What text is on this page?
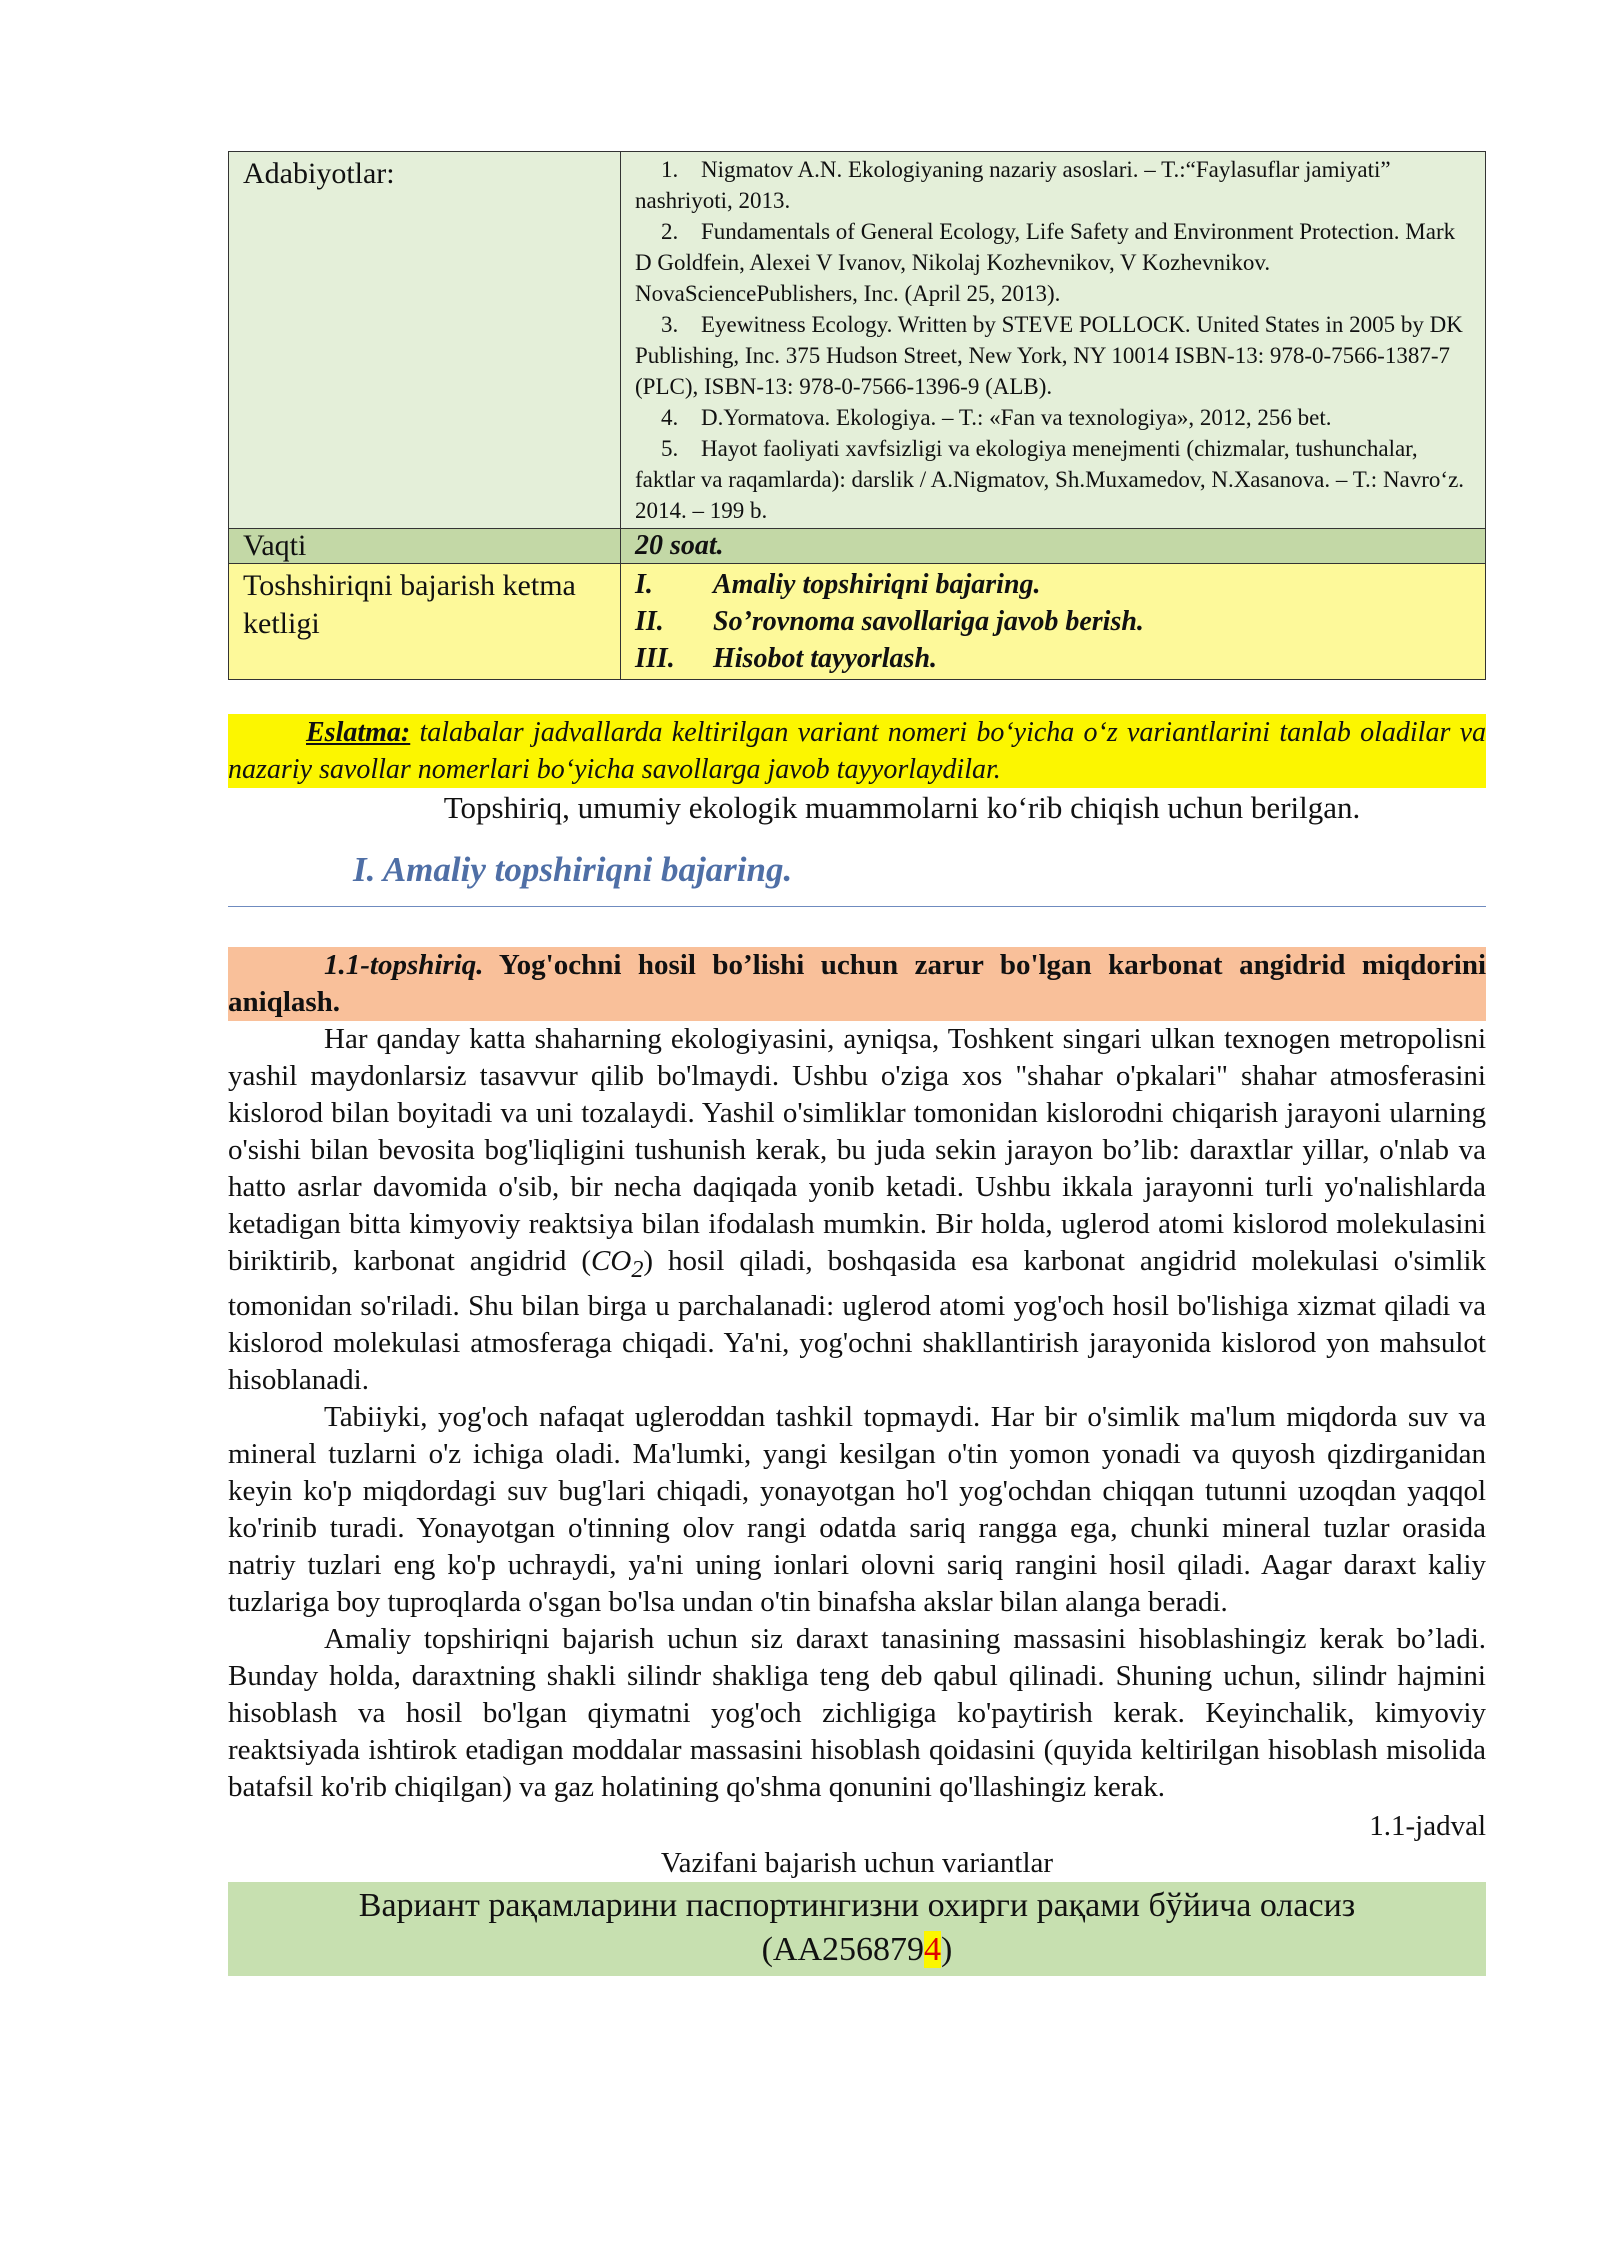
Adabiyotlar:	1. Nigmatov A.N. Ekologiyaning nazariy asoslari. – T.:“Faylasuflar jamiyati” nashriyoti, 2013.
2. Fundamentals of General Ecology, Life Safety and Environment Protection. Mark D Goldfein, Alexei V Ivanov, Nikolaj Kozhevnikov, V Kozhevnikov. NovaSciencePublishers, Inc. (April 25, 2013).
3. Eyewitness Ecology. Written by STEVE POLLOCK. United States in 2005 by DK Publishing, Inc. 375 Hudson Street, New York, NY 10014 ISBN-13: 978-0-7566-1387-7 (PLC), ISBN-13: 978-0-7566-1396-9 (ALB).
4. D.Yormatova. Ekologiya. – T.: «Fan va texnologiya», 2012, 256 bet.
5. Hayot faoliyati xavfsizligi va ekologiya menejmenti (chizmalar, tushunchalar, faktlar va raqamlarda): darslik / A.Nigmatov, Sh.Muxamedov, N.Xasanova. – T.: Navro‘z. 2014. – 199 b.

Vaqti	20 soat.
Toshshiriqni bajarish ketma ketligi	I. Amaliy topshiriqni bajaring.
II. So’rovnoma savollariga javob berish.
III. Hisobot tayyorlash.
Eslatma: talabalar jadvallarda keltirilgan variant nomeri bo‘yicha o‘z variantlarini tanlab oladilar va nazariy savollar nomerlari bo‘yicha savollarga javob tayyorlaydilar.
Topshiriq, umumiy ekologik muammolarni ko‘rib chiqish uchun berilgan.
I. Amaliy topshiriqni bajaring.
1.1-topshiriq. Yog'ochni hosil bo’lishi uchun zarur bo'lgan karbonat angidrid miqdorini aniqlash.
Har qanday katta shaharning ekologiyasini, ayniqsa, Toshkent singari ulkan texnogen metropolisni yashil maydonlarsiz tasavvur qilib bo'lmaydi. Ushbu o'ziga xos "shahar o'pkalari" shahar atmosferasini kislorod bilan boyitadi va uni tozalaydi. Yashil o'simliklar tomonidan kislorodni chiqarish jarayoni ularning o'sishi bilan bevosita bog'liqligini tushunish kerak, bu juda sekin jarayon bo’lib: daraxtlar yillar, o'nlab va hatto asrlar davomida o'sib, bir necha daqiqada yonib ketadi. Ushbu ikkala jarayonni turli yo'nalishlarda ketadigan bitta kimyoviy reaktsiya bilan ifodalash mumkin. Bir holda, uglerod atomi kislorod molekulasini biriktirib, karbonat angidrid $(CO_2)$ hosil qiladi, boshqasida esa karbonat angidrid molekulasi o'simlik tomonidan so'riladi. Shu bilan birga u parchalanadi: uglerod atomi yog'och hosil bo'lishiga xizmat qiladi va kislorod molekulasi atmosferaga chiqadi. Ya'ni, yog'ochni shakllantirish jarayonida kislorod yon mahsulot hisoblanadi.
Tabiiyki, yog'och nafaqat ugleroddan tashkil topmaydi. Har bir o'simlik ma'lum miqdorda suv va mineral tuzlarni o'z ichiga oladi. Ma'lumki, yangi kesilgan o'tin yomon yonadi va quyosh qizdirganidan keyin ko'p miqdordagi suv bug'lari chiqadi, yonayotgan ho'l yog'ochdan chiqqan tutunni uzoqdan yaqqol ko'rinib turadi. Yonayotgan o'tinning olov rangi odatda sariq rangga ega, chunki mineral tuzlar orasida natriy tuzlari eng ko'p uchraydi, ya'ni uning ionlari olovni sariq rangini hosil qiladi. Aagar daraxt kaliy tuzlariga boy tuproqlarda o'sgan bo'lsa undan o'tin binafsha akslar bilan alanga beradi.
Amaliy topshiriqni bajarish uchun siz daraxt tanasining massasini hisoblashingiz kerak bo’ladi. Bunday holda, daraxtning shakli silindr shakliga teng deb qabul qilinadi. Shuning uchun, silindr hajmini hisoblash va hosil bo'lgan qiymatni yog'och zichligiga ko'paytirish kerak. Keyinchalik, kimyoviy reaktsiyada ishtirok etadigan moddalar massasini hisoblash qoidasini (quyida keltirilgan hisoblash misolida batafsil ko'rib chiqilgan) va gaz holatining qo'shma qonunini qo'llashingiz kerak.
1.1-jadval
Vazifani bajarish uchun variantlar
Вариант рақамларини паспортингизни охирги рақами бўйича оласиз
(AA2568794)
